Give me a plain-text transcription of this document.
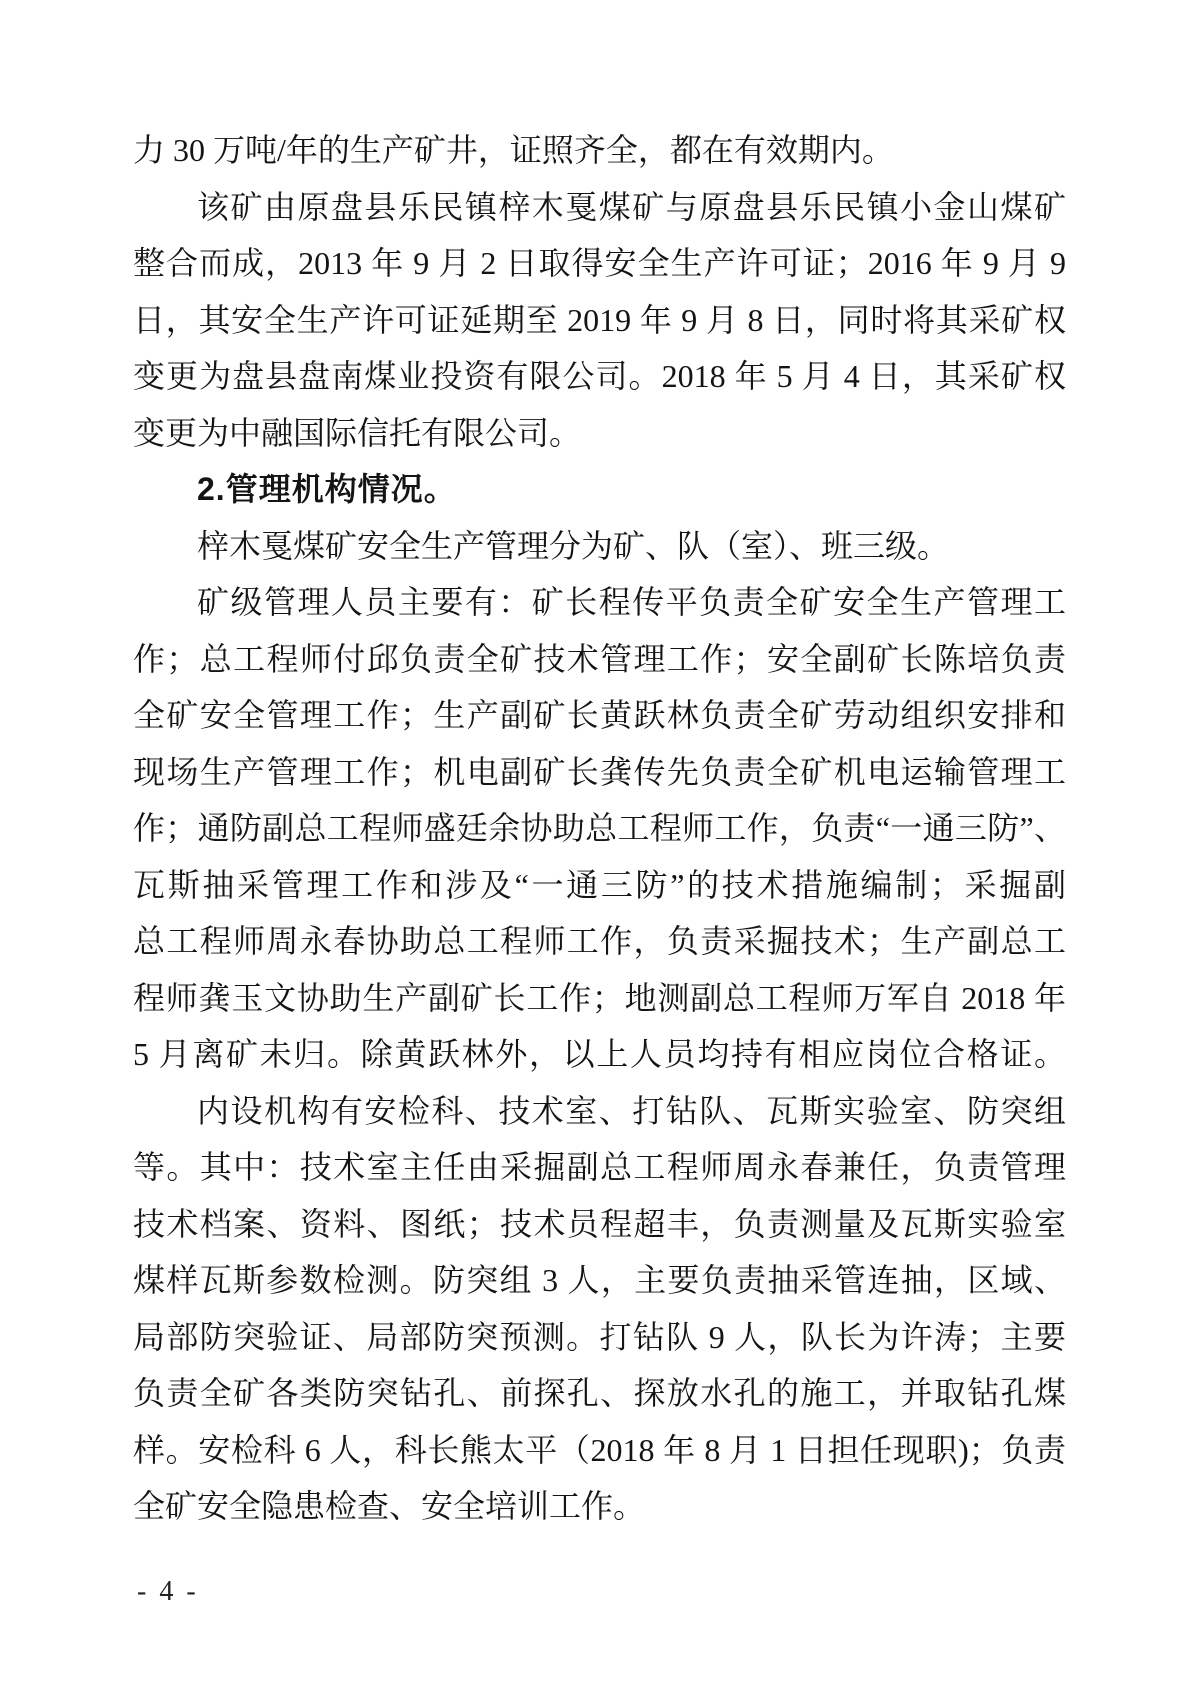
力 30 万吨/年的生产矿井，证照齐全，都在有效期内。
该矿由原盘县乐民镇梓木戛煤矿与原盘县乐民镇小金山煤矿
整合而成，2013 年 9 月 2 日取得安全生产许可证；2016 年 9 月 9
日，其安全生产许可证延期至 2019 年 9 月 8 日，同时将其采矿权
变更为盘县盘南煤业投资有限公司。2018 年 5 月 4 日，其采矿权
变更为中融国际信托有限公司。
2.管理机构情况。
梓木戛煤矿安全生产管理分为矿、队（室）、班三级。
矿级管理人员主要有：矿长程传平负责全矿安全生产管理工
作；总工程师付邱负责全矿技术管理工作；安全副矿长陈培负责
全矿安全管理工作；生产副矿长黄跃林负责全矿劳动组织安排和
现场生产管理工作；机电副矿长龚传先负责全矿机电运输管理工
作；通防副总工程师盛廷余协助总工程师工作，负责“一通三防”、
瓦斯抽采管理工作和涉及“一通三防”的技术措施编制；采掘副
总工程师周永春协助总工程师工作，负责采掘技术；生产副总工
程师龚玉文协助生产副矿长工作；地测副总工程师万军自 2018 年
5 月离矿未归。除黄跃林外，以上人员均持有相应岗位合格证。
内设机构有安检科、技术室、打钻队、瓦斯实验室、防突组
等。其中：技术室主任由采掘副总工程师周永春兼任，负责管理
技术档案、资料、图纸；技术员程超丰，负责测量及瓦斯实验室
煤样瓦斯参数检测。防突组 3 人，主要负责抽采管连抽，区域、
局部防突验证、局部防突预测。打钻队 9 人，队长为许涛；主要
负责全矿各类防突钻孔、前探孔、探放水孔的施工，并取钻孔煤
样。安检科 6 人，科长熊太平（2018 年 8 月 1 日担任现职)；负责
全矿安全隐患检查、安全培训工作。
- 4 -
